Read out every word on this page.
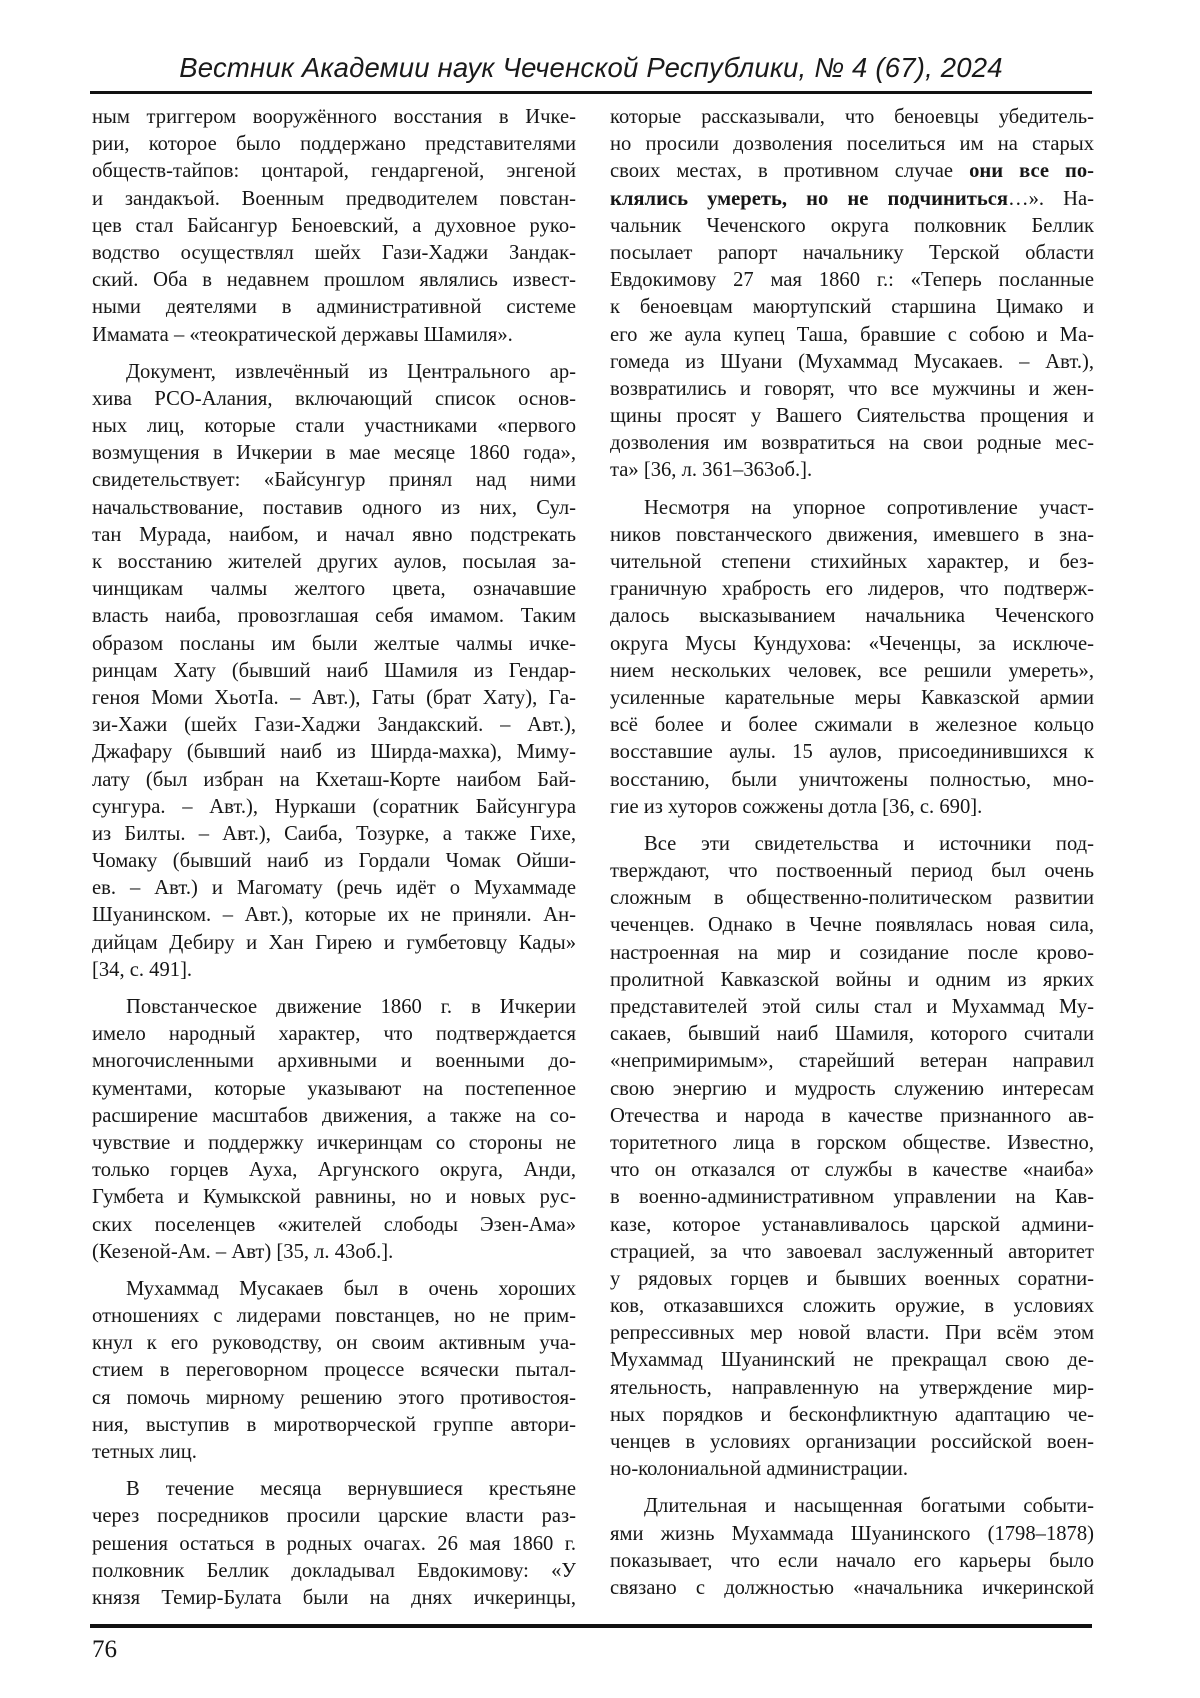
Вестник Академии наук Чеченской Республики, № 4 (67), 2024
ным триггером вооружённого восстания в Ичке-
рии, которое было поддержано представителями
обществ-тайпов: цонтарой, гендаргеной, энгеной
и зандакъой. Военным предводителем повстан-
цев стал Байсангур Беноевский, а духовное руко-
водство осуществлял шейх Гази-Хаджи Зандак-
ский. Оба в недавнем прошлом являлись извест-
ными деятелями в административной системе
Имамата – «теократической державы Шамиля».
Документ, извлечённый из Центрального ар-
хива РСО-Алания, включающий список основ-
ных лиц, которые стали участниками «первого
возмущения в Ичкерии в мае месяце 1860 года»,
свидетельствует: «Байсунгур принял над ними
начальствование, поставив одного из них, Сул-
тан Мурада, наибом, и начал явно подстрекать
к восстанию жителей других аулов, посылая за-
чинщикам чалмы желтого цвета, означавшие
власть наиба, провозглашая себя имамом. Таким
образом посланы им были желтые чалмы ичке-
ринцам Хату (бывший наиб Шамиля из Гендар-
геноя Моми ХьотIа. – Авт.), Гаты (брат Хату), Га-
зи-Хажи (шейх Гази-Хаджи Зандакский. – Авт.),
Джафару (бывший наиб из Ширда-махка), Миму-
лату (был избран на Кхеташ-Корте наибом Бай-
сунгура. – Авт.), Нуркаши (соратник Байсунгура
из Билты. – Авт.), Саиба, Тозурке, а также Гихе,
Чомаку (бывший наиб из Гордали Чомак Ойши-
ев. – Авт.) и Магомату (речь идёт о Мухаммаде
Шуанинском. – Авт.), которые их не приняли. Ан-
дийцам Дебиру и Хан Гирею и гумбетовцу Кады»
[34, с. 491].
Повстанческое движение 1860 г. в Ичкерии
имело народный характер, что подтверждается
многочисленными архивными и военными до-
кументами, которые указывают на постепенное
расширение масштабов движения, а также на со-
чувствие и поддержку ичкеринцам со стороны не
только горцев Ауха, Аргунского округа, Анди,
Гумбета и Кумыкской равнины, но и новых рус-
ских поселенцев «жителей слободы Эзен-Ама»
(Кезеной-Ам. – Авт) [35, л. 43об.].
Мухаммад Мусакаев был в очень хороших
отношениях с лидерами повстанцев, но не прим-
кнул к его руководству, он своим активным уча-
стием в переговорном процессе всячески пытал-
ся помочь мирному решению этого противостоя-
ния, выступив в миротворческой группе автори-
тетных лиц.
В течение месяца вернувшиеся крестьяне
через посредников просили царские власти раз-
решения остаться в родных очагах. 26 мая 1860 г.
полковник Беллик докладывал Евдокимову: «У
князя Темир-Булата были на днях ичкеринцы,
которые рассказывали, что беноевцы убедитель-
но просили дозволения поселиться им на старых
своих местах, в противном случае они все по-
клялись умереть, но не подчиниться…». На-
чальник Чеченского округа полковник Беллик
посылает рапорт начальнику Терской области
Евдокимову 27 мая 1860 г.: «Теперь посланные
к беноевцам маюртупский старшина Цимако и
его же аула купец Таша, бравшие с собою и Ма-
гомеда из Шуани (Мухаммад Мусакаев. – Авт.),
возвратились и говорят, что все мужчины и жен-
щины просят у Вашего Сиятельства прощения и
дозволения им возвратиться на свои родные мес-
та» [36, л. 361–363об.].
Несмотря на упорное сопротивление участ-
ников повстанческого движения, имевшего в зна-
чительной степени стихийных характер, и без-
граничную храбрость его лидеров, что подтверж-
далось высказыванием начальника Чеченского
округа Мусы Кундухова: «Чеченцы, за исключе-
нием нескольких человек, все решили умереть»,
усиленные карательные меры Кавказской армии
всё более и более сжимали в железное кольцо
восставшие аулы. 15 аулов, присоединившихся к
восстанию, были уничтожены полностью, мно-
гие из хуторов сожжены дотла [36, с. 690].
Все эти свидетельства и источники под-
тверждают, что поствоенный период был очень
сложным в общественно-политическом развитии
чеченцев. Однако в Чечне появлялась новая сила,
настроенная на мир и созидание после крово-
пролитной Кавказской войны и одним из ярких
представителей этой силы стал и Мухаммад Му-
сакаев, бывший наиб Шамиля, которого считали
«непримиримым», старейший ветеран направил
свою энергию и мудрость служению интересам
Отечества и народа в качестве признанного ав-
торитетного лица в горском обществе. Известно,
что он отказался от службы в качестве «наиба»
в военно-административном управлении на Кав-
казе, которое устанавливалось царской админи-
страцией, за что завоевал заслуженный авторитет
у рядовых горцев и бывших военных соратни-
ков, отказавшихся сложить оружие, в условиях
репрессивных мер новой власти. При всём этом
Мухаммад Шуанинский не прекращал свою де-
ятельность, направленную на утверждение мир-
ных порядков и бесконфликтную адаптацию че-
ченцев в условиях организации российской воен-
но-колониальной администрации.
Длительная и насыщенная богатыми событи-
ями жизнь Мухаммада Шуанинского (1798–1878)
показывает, что если начало его карьеры было
связано с должностью «начальника ичкеринской
76
